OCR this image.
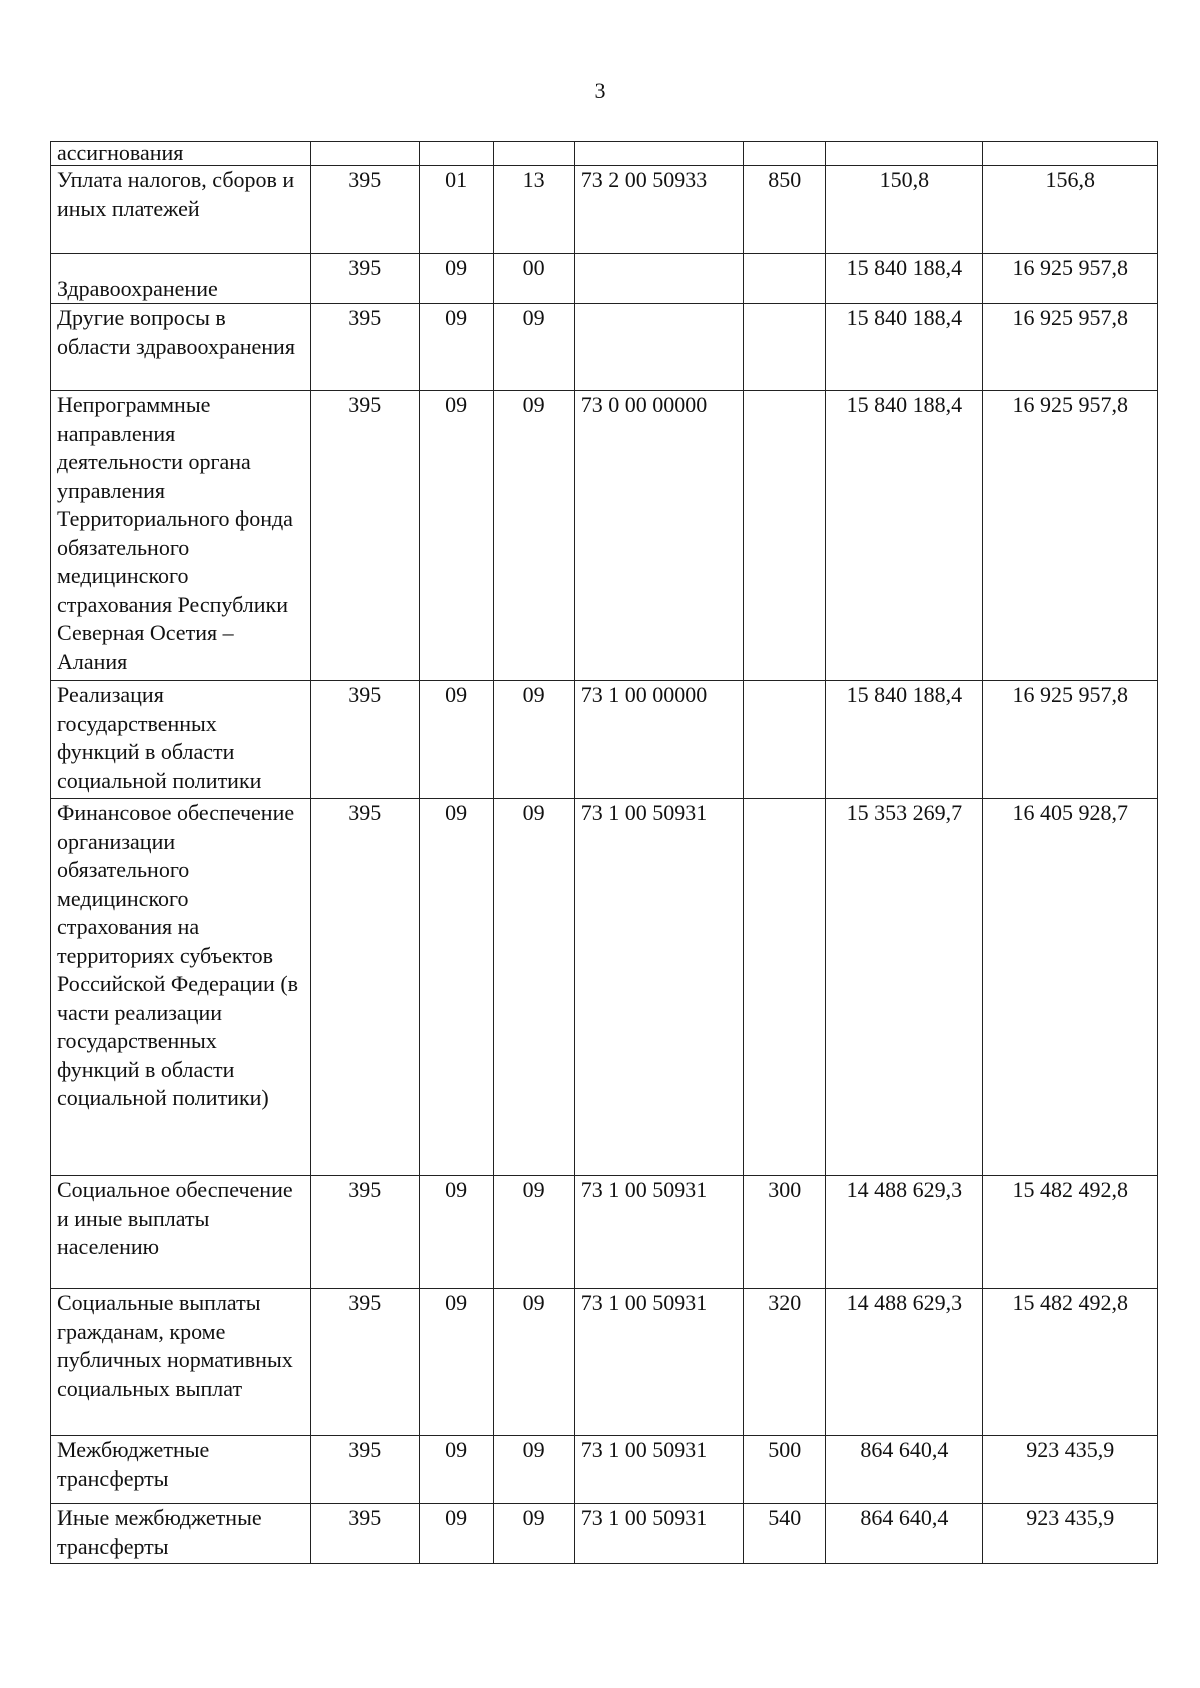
3
ассигнования							
Уплата налогов, сборов и иных платежей	395	01	13	73 2 00 50933	850	150,8	156,8
Здравоохранение	395	09	00			15 840 188,4	16 925 957,8
Другие вопросы в области здравоохранения	395	09	09			15 840 188,4	16 925 957,8
Непрограммные направления деятельности органа управления Территориального фонда обязательного медицинского страхования Республики Северная Осетия – Алания	395	09	09	73 0 00 00000		15 840 188,4	16 925 957,8
Реализация государственных функций в области социальной политики	395	09	09	73 1 00 00000		15 840 188,4	16 925 957,8
Финансовое обеспечение организации обязательного медицинского страхования на территориях субъектов Российской Федерации (в части реализации государственных функций в области социальной политики)	395	09	09	73 1 00 50931		15 353 269,7	16 405 928,7
Социальное обеспечение и иные выплаты населению	395	09	09	73 1 00 50931	300	14 488 629,3	15 482 492,8
Социальные выплаты гражданам, кроме публичных нормативных социальных выплат	395	09	09	73 1 00 50931	320	14 488 629,3	15 482 492,8
Межбюджетные трансферты	395	09	09	73 1 00 50931	500	864 640,4	923 435,9
Иные межбюджетные трансферты	395	09	09	73 1 00 50931	540	864 640,4	923 435,9
